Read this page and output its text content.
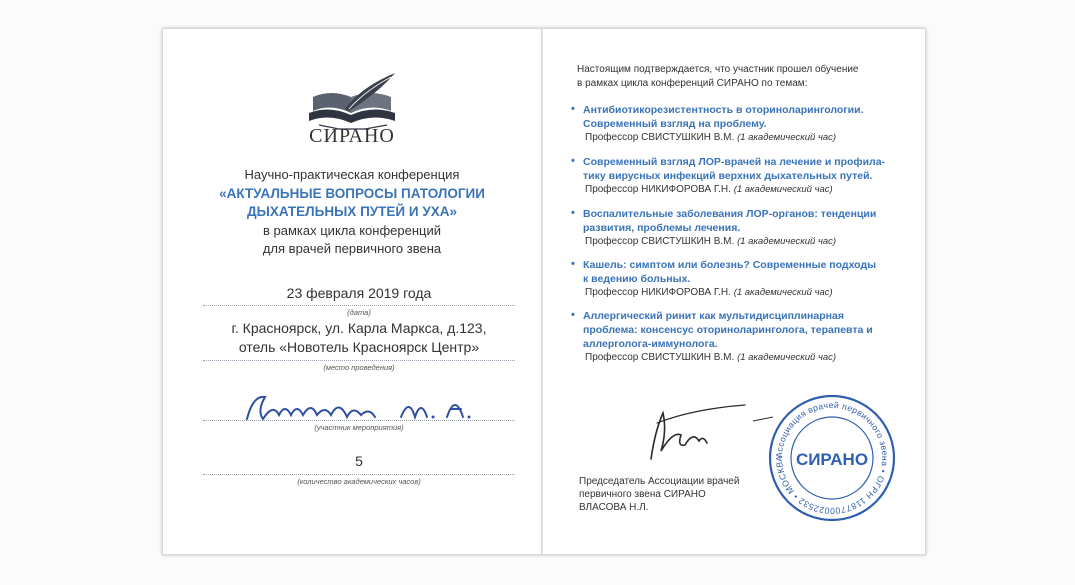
СИРАНО
Научно-практическая конференция
«АКТУАЛЬНЫЕ ВОПРОСЫ ПАТОЛОГИИ
ДЫХАТЕЛЬНЫХ ПУТЕЙ И УХА»
в рамках цикла конференций
для врачей первичного звена
23 февраля 2019 года
(дата)
г. Красноярск, ул. Карла Маркса, д.123,
отель «Новотель Красноярск Центр»
(место проведения)
(участник мероприятия)
5
(количество академических часов)
Настоящим подтверждается, что участник прошел обучение
в рамках цикла конференций СИРАНО по темам:
• Антибиотикорезистентность в оториноларингологии.
Современный взгляд на проблему.
Профессор СВИСТУШКИН В.М. (1 академический час)
• Современный взгляд ЛОР-врачей на лечение и профила-
тику вирусных инфекций верхних дыхательных путей.
Профессор НИКИФОРОВА Г.Н. (1 академический час)
• Воспалительные заболевания ЛОР-органов: тенденции
развития, проблемы лечения.
Профессор СВИСТУШКИН В.М. (1 академический час)
• Кашель: симптом или болезнь? Современные подходы
к ведению больных.
Профессор НИКИФОРОВА Г.Н. (1 академический час)
• Аллергический ринит как мультидисциплинарная
проблема: консенсус оториноларинголога, терапевта и
аллерголога-иммунолога.
Профессор СВИСТУШКИН В.М. (1 академический час)
Председатель Ассоциации врачей
первичного звена СИРАНО
ВЛАСОВА Н.Л.
Ассоциация врачей первичного звена • ОГРН 1187700022532 • МОСКВА СИРАНО
